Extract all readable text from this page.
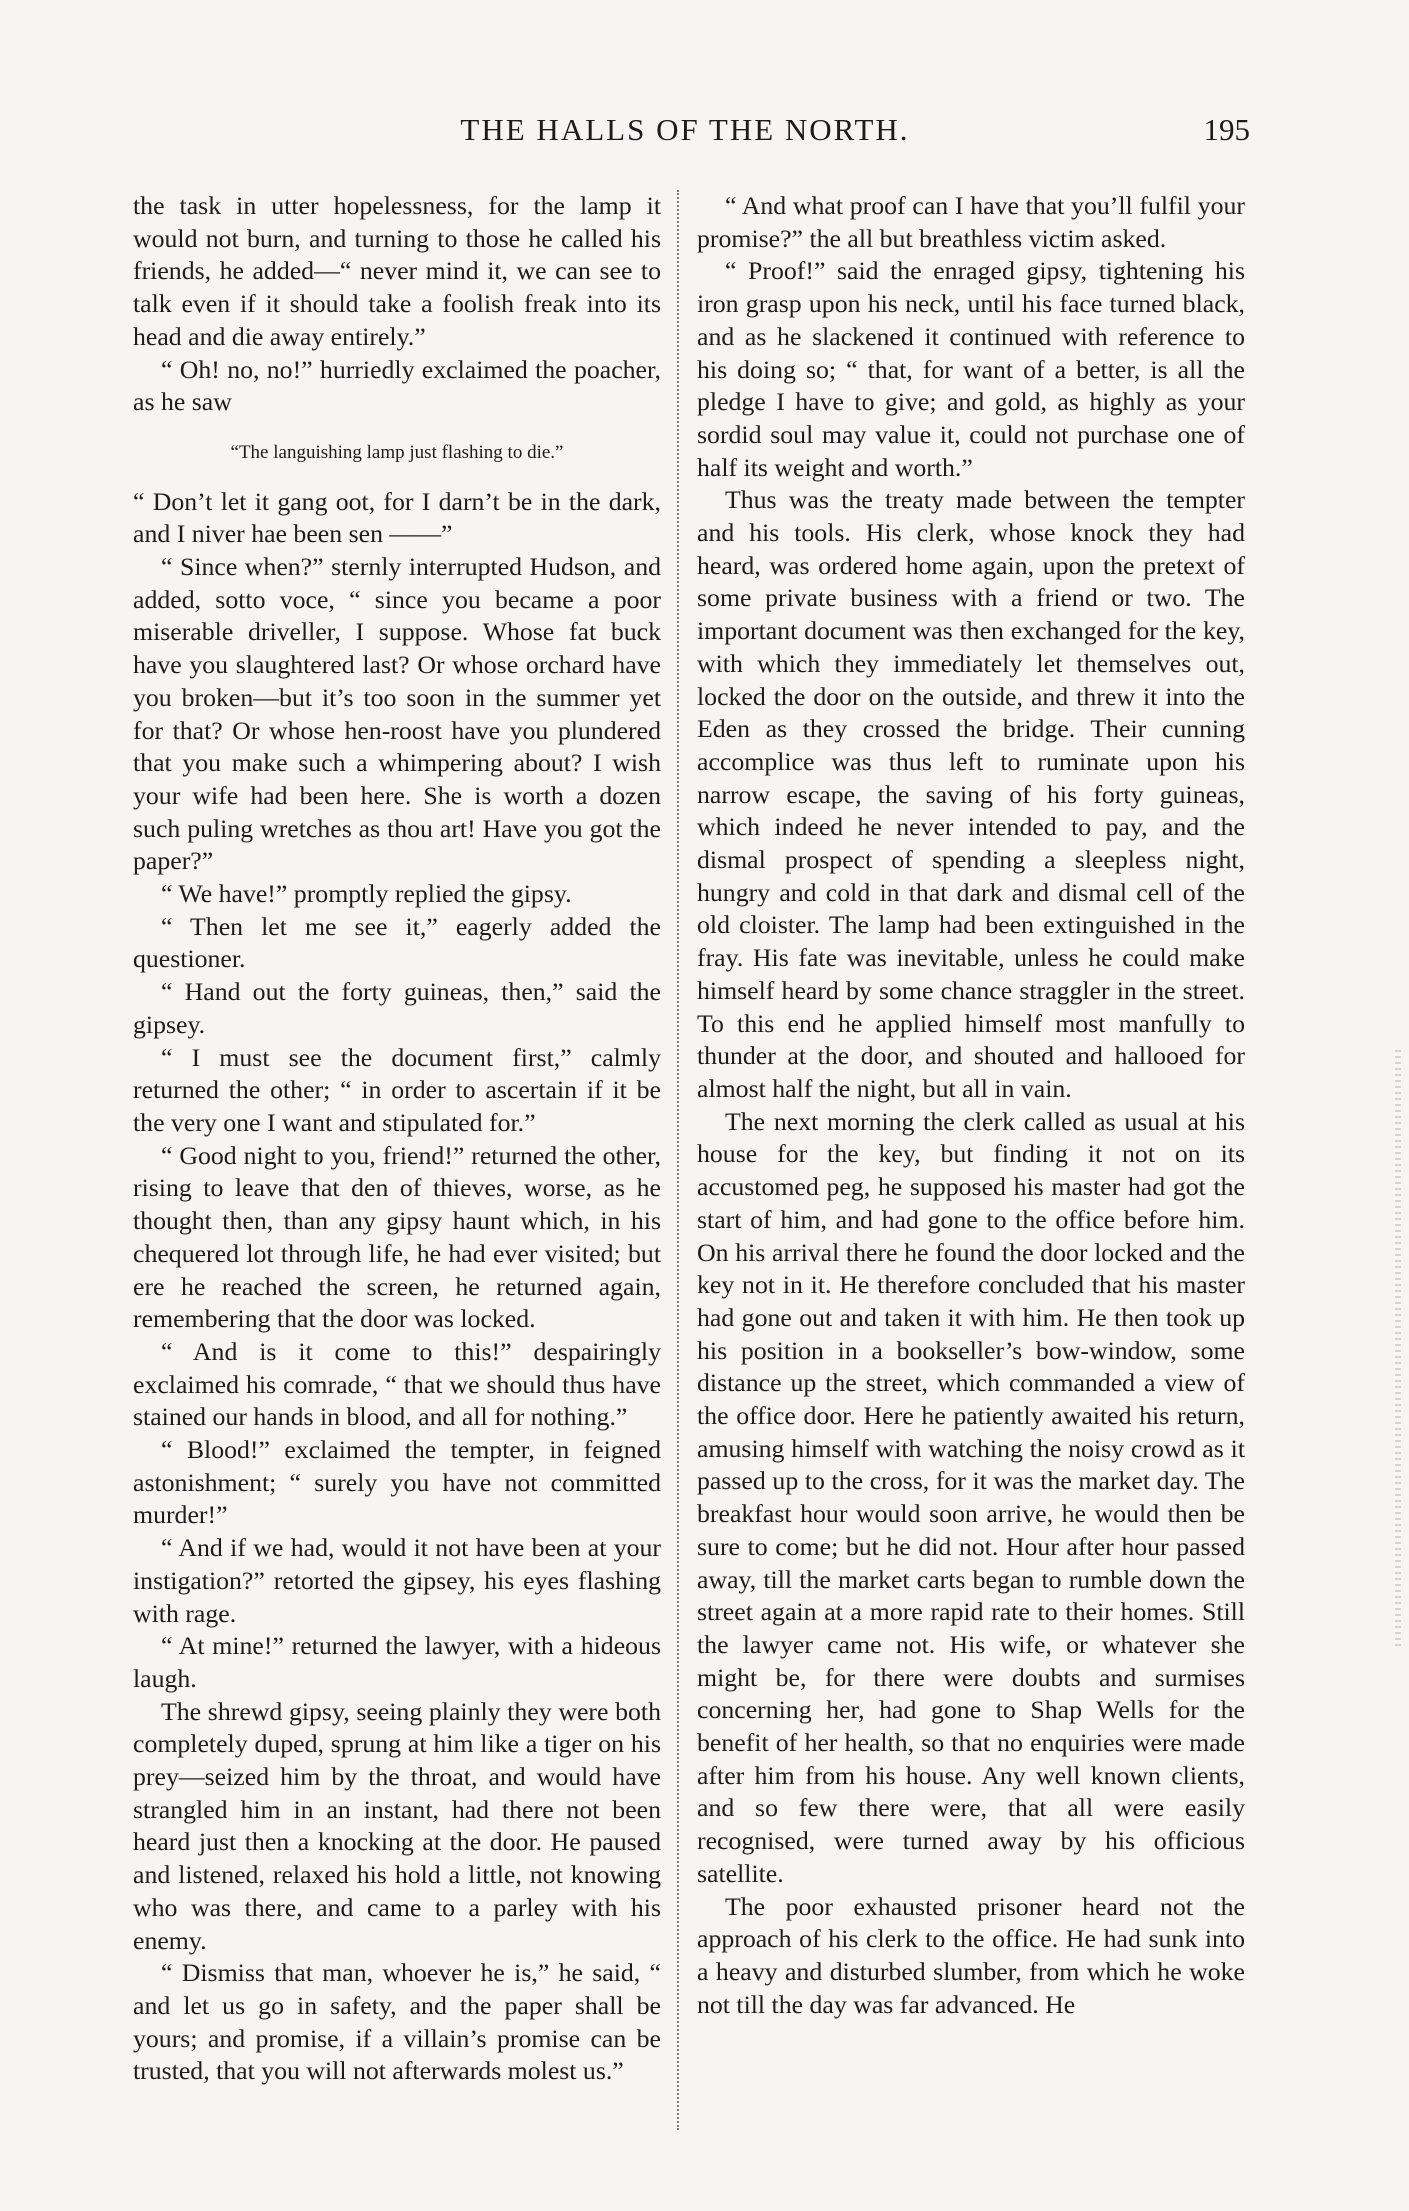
THE HALLS OF THE NORTH.	195

the task in utter hopelessness, for the lamp it would not burn, and turning to those he called his friends, he added—“ never mind it, we can see to talk even if it should take a foolish freak into its head and die away entirely.”

“ Oh! no, no!” hurriedly exclaimed the poacher, as he saw

“The languishing lamp just flashing to die.”

“ Don’t let it gang oot, for I darn’t be in the dark, and I niver hae been sen ——”

“ Since when?” sternly interrupted Hudson, and added, sotto voce, “ since you became a poor miserable driveller, I suppose. Whose fat buck have you slaughtered last? Or whose orchard have you broken—but it’s too soon in the summer yet for that? Or whose hen-roost have you plundered that you make such a whimpering about? I wish your wife had been here. She is worth a dozen such puling wretches as thou art! Have you got the paper?”

“ We have!” promptly replied the gipsy.

“ Then let me see it,” eagerly added the questioner.

“ Hand out the forty guineas, then,” said the gipsey.

“ I must see the document first,” calmly returned the other; “ in order to ascertain if it be the very one I want and stipulated for.”

“ Good night to you, friend!” returned the other, rising to leave that den of thieves, worse, as he thought then, than any gipsy haunt which, in his chequered lot through life, he had ever visited; but ere he reached the screen, he returned again, remembering that the door was locked.

“ And is it come to this!” despairingly exclaimed his comrade, “ that we should thus have stained our hands in blood, and all for nothing.”

“ Blood!” exclaimed the tempter, in feigned astonishment; “ surely you have not committed murder!”

“ And if we had, would it not have been at your instigation?” retorted the gipsey, his eyes flashing with rage.

“ At mine!” returned the lawyer, with a hideous laugh.

The shrewd gipsy, seeing plainly they were both completely duped, sprung at him like a tiger on his prey—seized him by the throat, and would have strangled him in an instant, had there not been heard just then a knocking at the door. He paused and listened, relaxed his hold a little, not knowing who was there, and came to a parley with his enemy.

“ Dismiss that man, whoever he is,” he said, “ and let us go in safety, and the paper shall be yours; and promise, if a villain’s promise can be trusted, that you will not afterwards molest us.”

“ And what proof can I have that you’ll fulfil your promise?” the all but breathless victim asked.

“ Proof!” said the enraged gipsy, tightening his iron grasp upon his neck, until his face turned black, and as he slackened it continued with reference to his doing so; “ that, for want of a better, is all the pledge I have to give; and gold, as highly as your sordid soul may value it, could not purchase one of half its weight and worth.”

Thus was the treaty made between the tempter and his tools. His clerk, whose knock they had heard, was ordered home again, upon the pretext of some private business with a friend or two. The important document was then exchanged for the key, with which they immediately let themselves out, locked the door on the outside, and threw it into the Eden as they crossed the bridge. Their cunning accomplice was thus left to ruminate upon his narrow escape, the saving of his forty guineas, which indeed he never intended to pay, and the dismal prospect of spending a sleepless night, hungry and cold in that dark and dismal cell of the old cloister. The lamp had been extinguished in the fray. His fate was inevitable, unless he could make himself heard by some chance straggler in the street. To this end he applied himself most manfully to thunder at the door, and shouted and hallooed for almost half the night, but all in vain.

The next morning the clerk called as usual at his house for the key, but finding it not on its accustomed peg, he supposed his master had got the start of him, and had gone to the office before him. On his arrival there he found the door locked and the key not in it. He therefore concluded that his master had gone out and taken it with him. He then took up his position in a bookseller’s bow-window, some distance up the street, which commanded a view of the office door. Here he patiently awaited his return, amusing himself with watching the noisy crowd as it passed up to the cross, for it was the market day. The breakfast hour would soon arrive, he would then be sure to come; but he did not. Hour after hour passed away, till the market carts began to rumble down the street again at a more rapid rate to their homes. Still the lawyer came not. His wife, or whatever she might be, for there were doubts and surmises concerning her, had gone to Shap Wells for the benefit of her health, so that no enquiries were made after him from his house. Any well known clients, and so few there were, that all were easily recognised, were turned away by his officious satellite.

The poor exhausted prisoner heard not the approach of his clerk to the office. He had sunk into a heavy and disturbed slumber, from which he woke not till the day was far advanced. He
